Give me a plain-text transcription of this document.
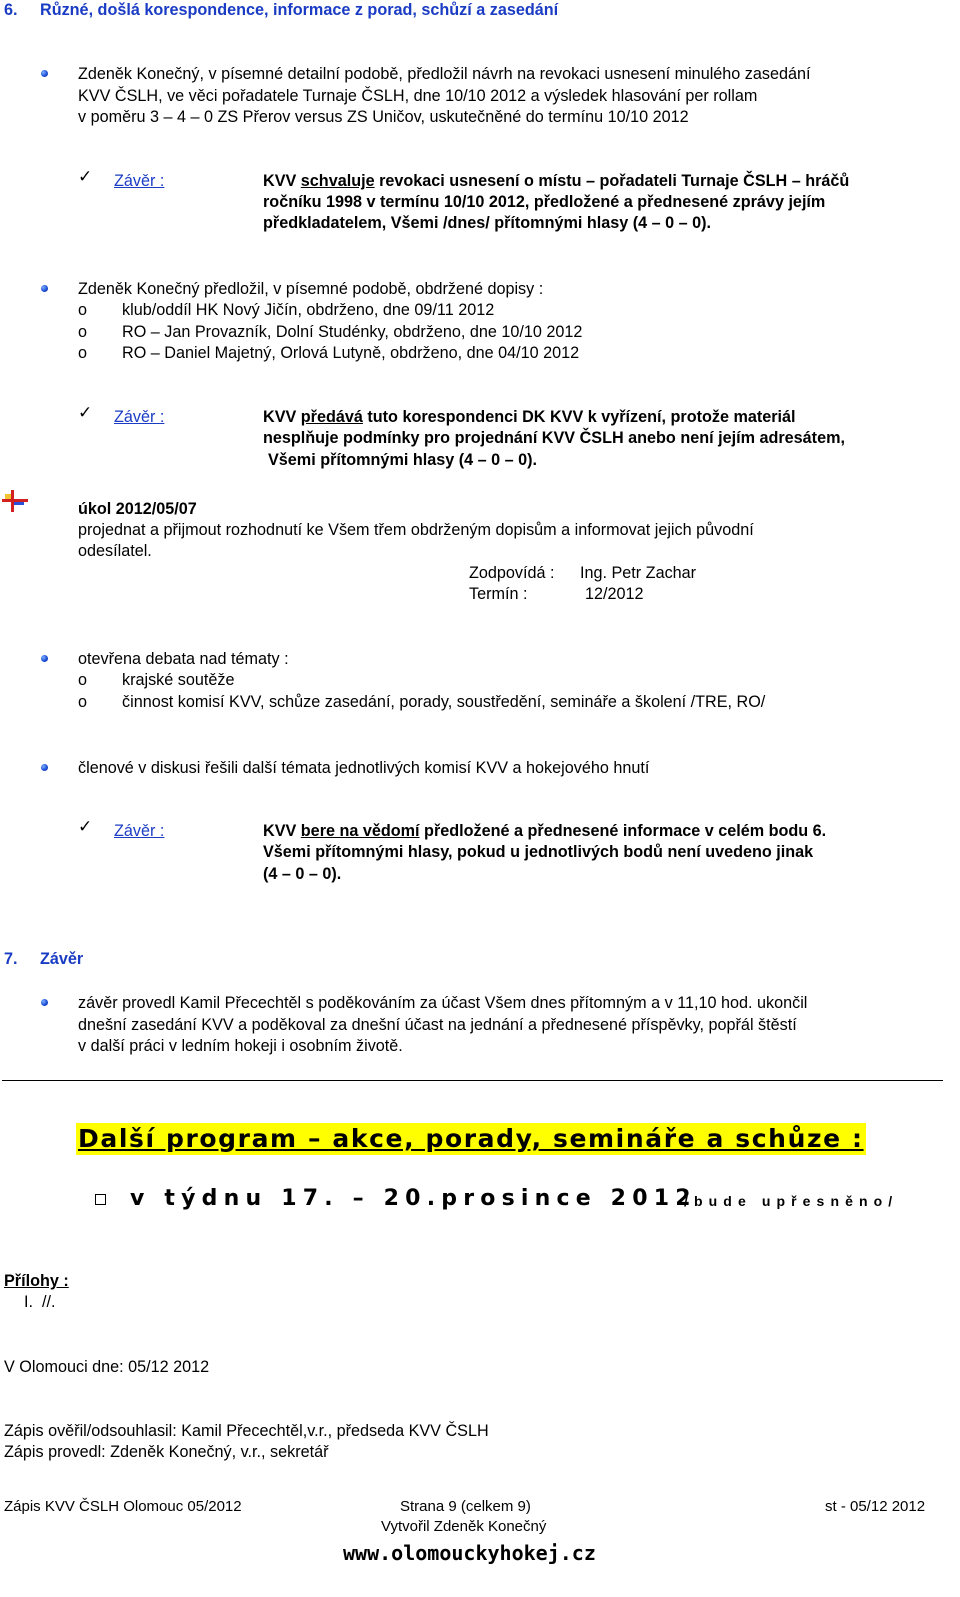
6. Různé, došlá korespondence, informace z porad, schůzí a zasedání
Zdeněk Konečný, v písemné detailní podobě, předložil návrh na revokaci usnesení minulého zasedání
KVV ČSLH, ve věci pořadatele Turnaje ČSLH, dne 10/10 2012 a výsledek hlasování per rollam
v poměru 3 – 4 – 0 ZS Přerov versus ZS Uničov, uskutečněné do termínu 10/10 2012
✓ Závěr :	KVV schvaluje revokaci usnesení o místu – pořadateli Turnaje ČSLH – hráčů
ročníku 1998 v termínu 10/10 2012, předložené a přednesené zprávy jejím
předkladatelem, Všemi /dnes/ přítomnými hlasy (4 – 0 – 0).
Zdeněk Konečný předložil, v písemné podobě, obdržené dopisy :
o klub/oddíl HK Nový Jičín, obdrženo, dne 09/11 2012
o RO – Jan Provazník, Dolní Studénky, obdrženo, dne 10/10 2012
o RO – Daniel Majetný, Orlová Lutyně, obdrženo, dne 04/10 2012
✓ Závěr :	KVV předává tuto korespondenci DK KVV k vyřízení, protože materiál
nesplňuje podmínky pro projednání KVV ČSLH anebo není jejím adresátem,
Všemi přítomnými hlasy (4 – 0 – 0).
úkol 2012/05/07
projednat a přijmout rozhodnutí ke Všem třem obdrženým dopisům a informovat jejich původní
odesílatel.
Zodpovídá : Ing. Petr Zachar
Termín :	12/2012
otevřena debata nad tématy :
o krajské soutěže
o činnost komisí KVV, schůze zasedání, porady, soustředění, semináře a školení /TRE, RO/
členové v diskusi řešili další témata jednotlivých komisí KVV a hokejového hnutí
✓ Závěr :	KVV bere na vědomí předložené a přednesené informace v celém bodu 6.
Všemi přítomnými hlasy, pokud u jednotlivých bodů není uvedeno jinak
(4 – 0 – 0).
7. Závěr
závěr provedl Kamil Přecechtěl s poděkováním za účast Všem dnes přítomným a v 11,10 hod. ukončil
dnešní zasedání KVV a poděkoval za dnešní účast na jednání a přednesené příspěvky, popřál štěstí
v další práci v ledním hokeji i osobním životě.
Další program – akce, porady, semináře a schůze :
v týdnu 17. – 20.prosince 2012
/bude upřesněno/
Přílohy :
I.  //.
V Olomouci dne: 05/12 2012
Zápis ověřil/odsouhlasil: Kamil Přecechtěl,v.r., předseda KVV ČSLH
Zápis provedl: Zdeněk Konečný, v.r., sekretář
Zápis KVV ČSLH Olomouc 05/2012	Strana 9 (celkem 9)	st - 05/12 2012
Vytvořil Zdeněk Konečný
www.olomouckyhokej.cz
